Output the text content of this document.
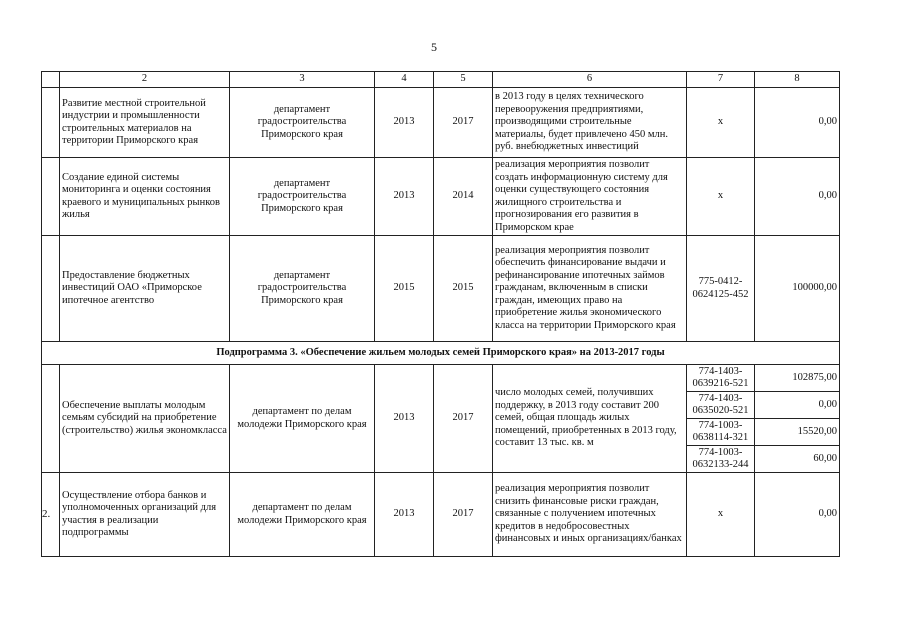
5
	2	3	4	5	6	7	8
	Развитие местной строительной индустрии и промышленности строительных материалов на территории Приморского края	департамент градостроительства Приморского края	2013	2017	в 2013 году в целях технического перевооружения предприятиями, производящими строительные материалы, будет привлечено 450 млн. руб. внебюджетных инвестиций	х	0,00
	Создание единой системы мониторинга и оценки состояния краевого и муниципальных рынков жилья	департамент градостроительства Приморского края	2013	2014	реализация мероприятия позволит создать информационную систему для оценки существующего состояния жилищного строительства и прогнозирования его развития в Приморском крае	х	0,00
	Предоставление бюджетных инвестиций ОАО «Приморское ипотечное агентство	департамент градостроительства Приморского края	2015	2015	реализация мероприятия позволит обеспечить финансирование выдачи и рефинансирование ипотечных займов гражданам, включенным в списки граждан, имеющих право на приобретение жилья экономического класса на территории Приморского края	775-0412-0624125-452	100000,00
Подпрограмма 3. «Обеспечение жильем молодых семей Приморского края» на 2013-2017 годы							
	Обеспечение выплаты молодым семьям субсидий на приобретение (строительство) жилья экономкласса	департамент по делам молодежи Приморского края	2013	2017	число молодых семей, получивших поддержку, в 2013 году составит 200 семей, общая площадь жилых помещений, приобретенных в 2013 году, составит 13 тыс. кв. м	774-1403-0639216-521	102875,00
						774-1403-0635020-521	0,00
						774-1003-0638114-321	15520,00
						774-1003-0632133-244	60,00
2.	Осуществление отбора банков и уполномоченных организаций для участия в реализации подпрограммы	департамент по делам молодежи Приморского края	2013	2017	реализация мероприятия позволит снизить финансовые риски граждан, связанные с получением ипотечных кредитов в недобросовестных финансовых и иных организациях/банках	х	0,00
